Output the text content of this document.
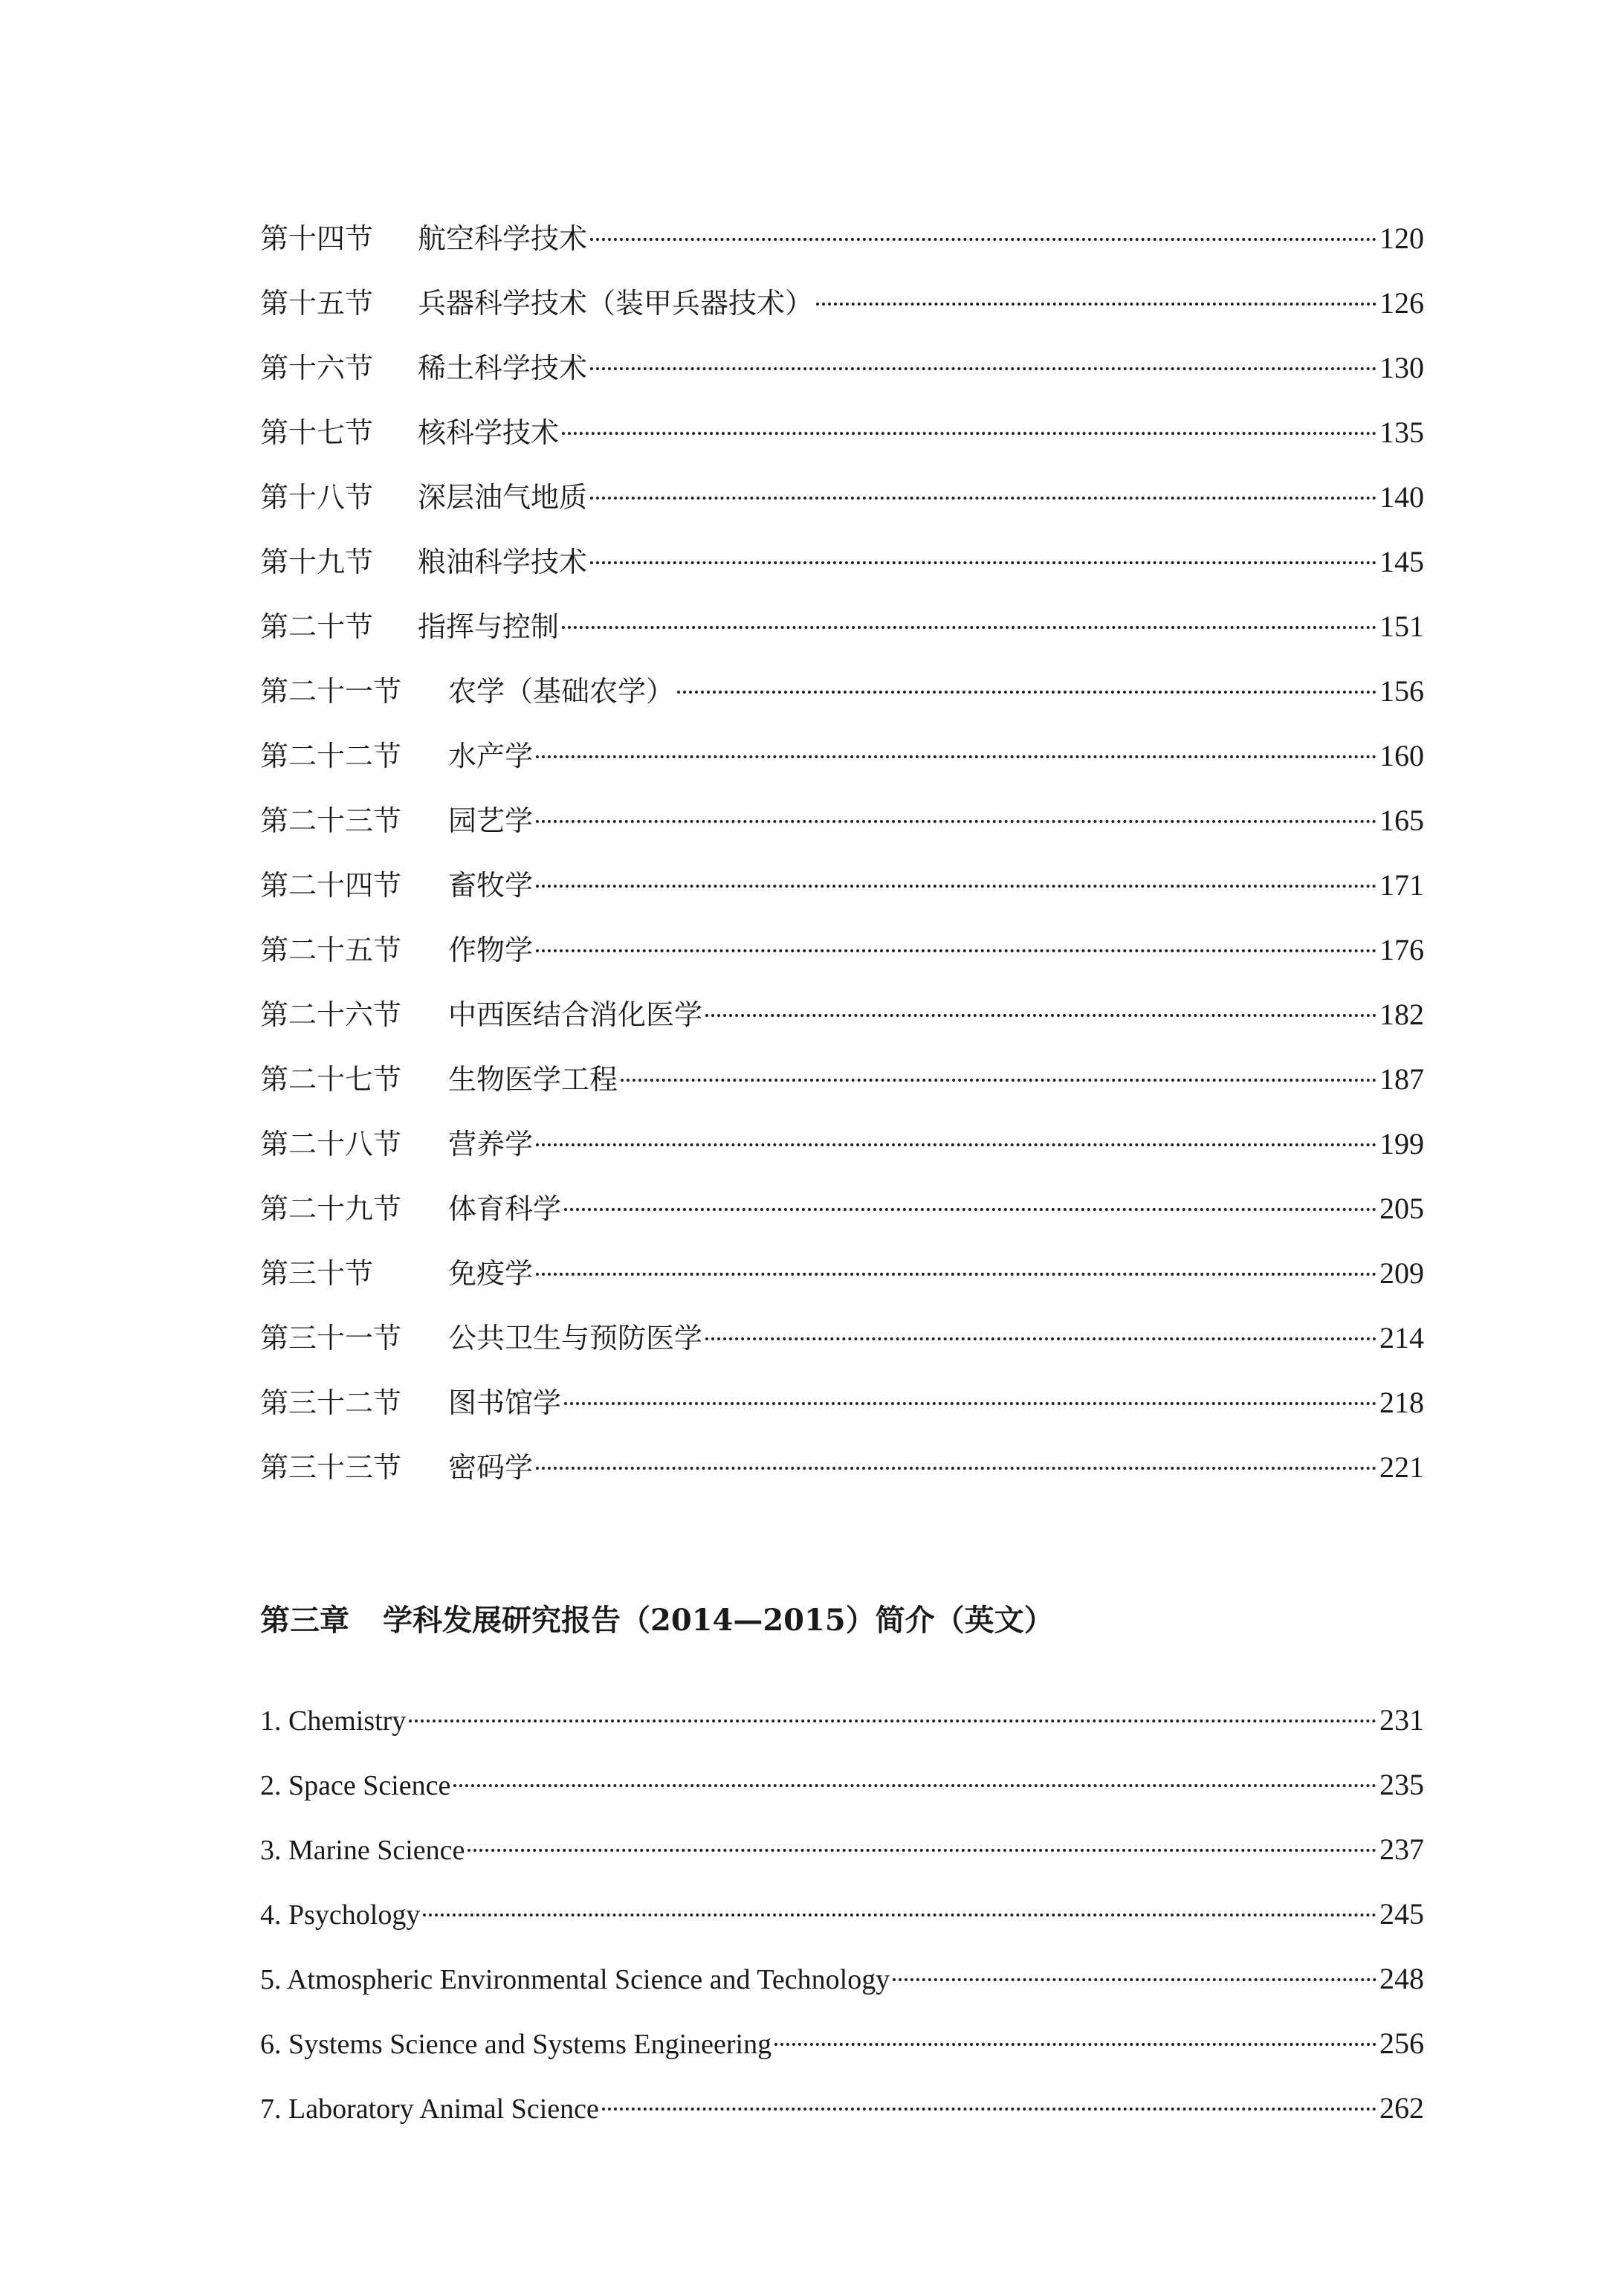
第十四节	航空科学技术	120
第十五节	兵器科学技术（装甲兵器技术）	126
第十六节	稀土科学技术	130
第十七节	核科学技术	135
第十八节	深层油气地质	140
第十九节	粮油科学技术	145
第二十节	指挥与控制	151
第二十一节	农学（基础农学）	156
第二十二节	水产学	160
第二十三节	园艺学	165
第二十四节	畜牧学	171
第二十五节	作物学	176
第二十六节	中西医结合消化医学	182
第二十七节	生物医学工程	187
第二十八节	营养学	199
第二十九节	体育科学	205
第三十节	免疫学	209
第三十一节	公共卫生与预防医学	214
第三十二节	图书馆学	218
第三十三节	密码学	221
第三章 学科发展研究报告（2014—2015）简介（英文）
1. Chemistry	231
2. Space Science	235
3. Marine Science	237
4. Psychology	245
5. Atmospheric Environmental Science and Technology	248
6. Systems Science and Systems Engineering	256
7. Laboratory Animal Science	262
